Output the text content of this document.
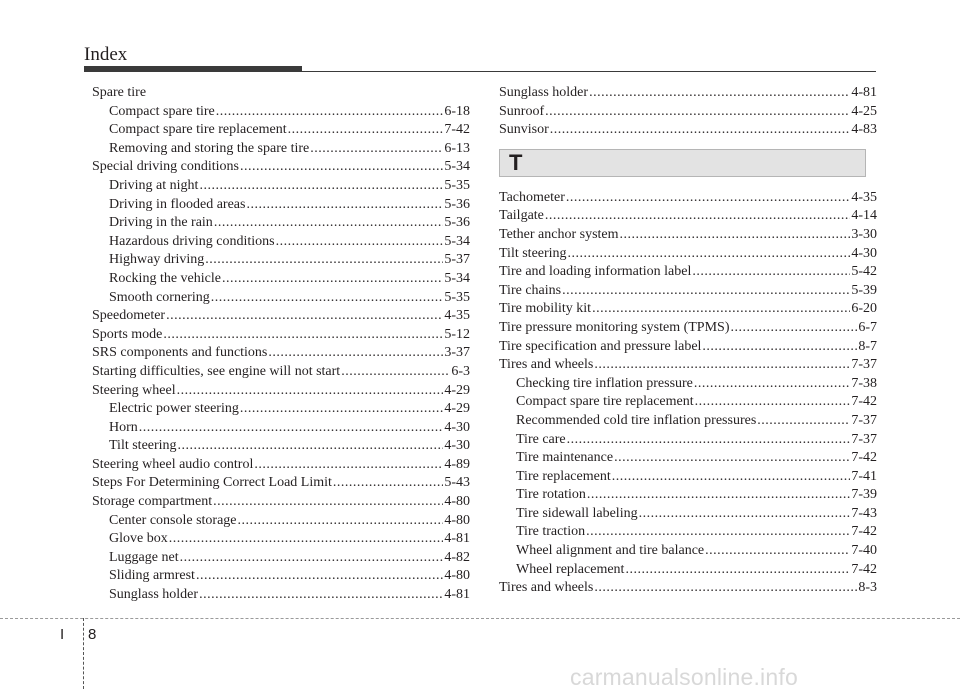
Index
Spare tire
Compact spare tire .....	6-18
Compact spare tire replacement .....	7-42
Removing and storing the spare tire .....	6-13
Special driving conditions .....	5-34
Driving at night .....	5-35
Driving in flooded areas .....	5-36
Driving in the rain .....	5-36
Hazardous driving conditions .....	5-34
Highway driving .....	5-37
Rocking the vehicle .....	5-34
Smooth cornering .....	5-35
Speedometer .....	4-35
Sports mode .....	5-12
SRS components and functions .....	3-37
Starting difficulties, see engine will not start .....	6-3
Steering wheel .....	4-29
Electric power steering .....	4-29
Horn .....	4-30
Tilt steering .....	4-30
Steering wheel audio control .....	4-89
Steps For Determining Correct Load Limit .....	5-43
Storage compartment .....	4-80
Center console storage .....	4-80
Glove box .....	4-81
Luggage net .....	4-82
Sliding armrest .....	4-80
Sunglass holder .....	4-81
Sunglass holder .....	4-81
Sunroof .....	4-25
Sunvisor .....	4-83
T
Tachometer .....	4-35
Tailgate .....	4-14
Tether anchor system .....	3-30
Tilt steering .....	4-30
Tire and loading information label .....	5-42
Tire chains .....	5-39
Tire mobility kit .....	6-20
Tire pressure monitoring system (TPMS) .....	6-7
Tire specification and pressure label .....	8-7
Tires and wheels .....	7-37
Checking tire inflation pressure .....	7-38
Compact spare tire replacement .....	7-42
Recommended cold tire inflation pressures .....	7-37
Tire care .....	7-37
Tire maintenance .....	7-42
Tire replacement .....	7-41
Tire rotation .....	7-39
Tire sidewall labeling .....	7-43
Tire traction .....	7-42
Wheel alignment and tire balance .....	7-40
Wheel replacement .....	7-42
Tires and wheels .....	8-3
I 8
carmanualsonline.info
